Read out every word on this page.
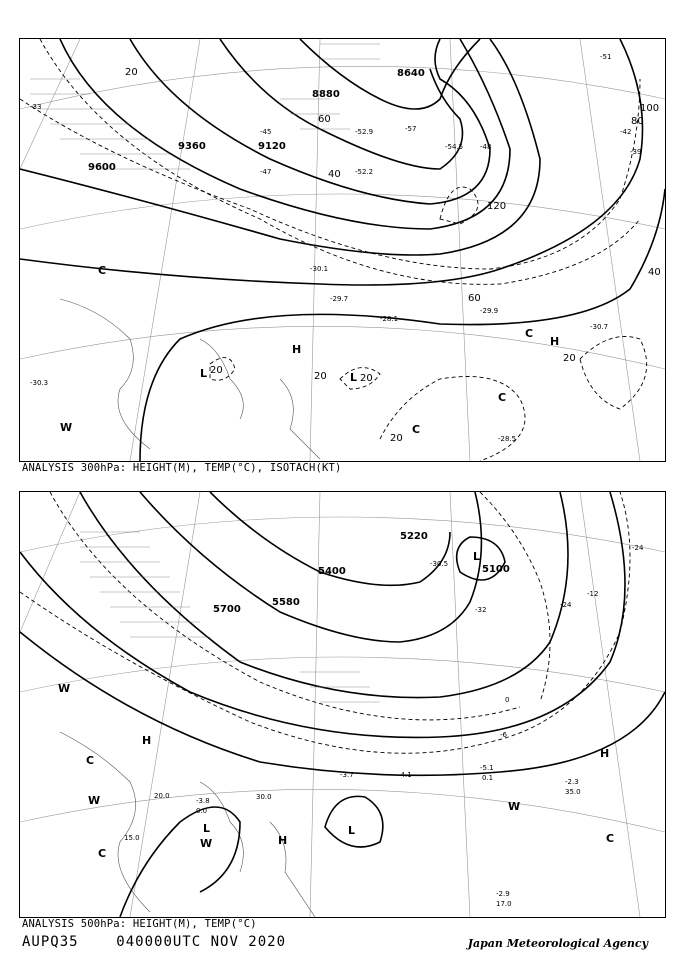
9600
9360	9120
8880
8640
20
40
60
80
100
120
20
40
60
20	20
20
20
-33
-39
-42
-45
-47
-48
-51
-52.2
-52.9
-54.5
-57
-30.1
-29.7
-28.1
-29.9
-30.7
-28.5
-30.3
H
H
L	L
C
C
C
C
W
ANALYSIS 300hPa: HEIGHT(M), TEMP(°C), ISOTACH(KT)
5700
5580
5400
5220
5100
-24
-12
-6
0
-24
-30.5
-32
-3.7	-4.1
-5.1
0.1	-2.3
35.0
-2.9
17.0
-3.8
0.0
15.0
20.0	30.0
H
H
H
L	L
L
W
W	W
W
C
C
C
ANALYSIS 500hPa: HEIGHT(M), TEMP(°C)
AUPQ35	040000UTC NOV 2020	Japan Meteorological Agency
